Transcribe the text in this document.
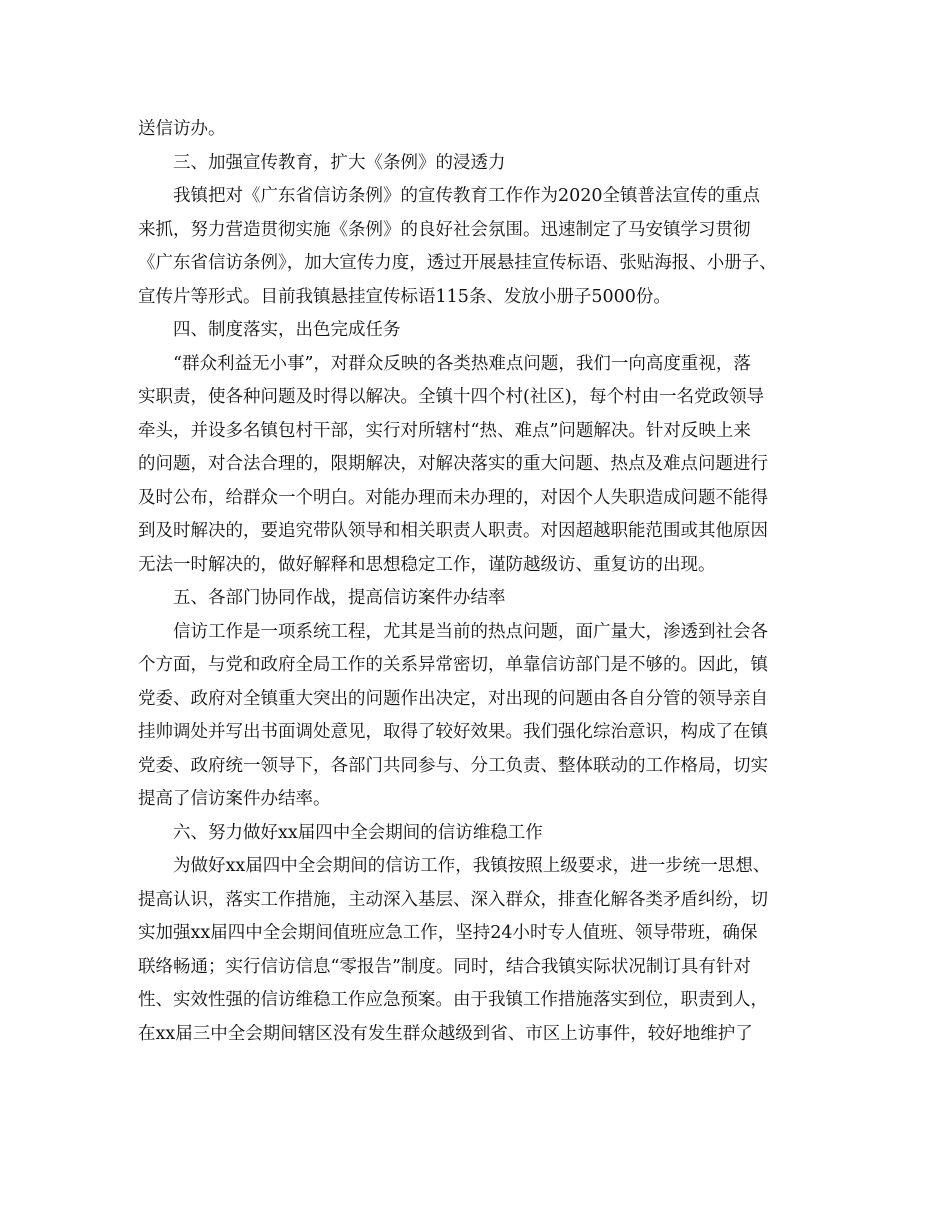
送信访办。
三、加强宣传教育，扩大《条例》的浸透力
我镇把对《广东省信访条例》的宣传教育工作作为2020全镇普法宣传的重点
来抓，努力营造贯彻实施《条例》的良好社会氛围。迅速制定了马安镇学习贯彻
《广东省信访条例》，加大宣传力度，透过开展悬挂宣传标语、张贴海报、小册子、
宣传片等形式。目前我镇悬挂宣传标语115条、发放小册子5000份。
四、制度落实，出色完成任务
“群众利益无小事”，对群众反映的各类热难点问题，我们一向高度重视，落
实职责，使各种问题及时得以解决。全镇十四个村(社区)，每个村由一名党政领导
牵头，并设多名镇包村干部，实行对所辖村“热、难点”问题解决。针对反映上来
的问题，对合法合理的，限期解决，对解决落实的重大问题、热点及难点问题进行
及时公布，给群众一个明白。对能办理而未办理的，对因个人失职造成问题不能得
到及时解决的，要追究带队领导和相关职责人职责。对因超越职能范围或其他原因
无法一时解决的，做好解释和思想稳定工作，谨防越级访、重复访的出现。
五、各部门协同作战，提高信访案件办结率
信访工作是一项系统工程，尤其是当前的热点问题，面广量大，渗透到社会各
个方面，与党和政府全局工作的关系异常密切，单靠信访部门是不够的。因此，镇
党委、政府对全镇重大突出的问题作出决定，对出现的问题由各自分管的领导亲自
挂帅调处并写出书面调处意见，取得了较好效果。我们强化综治意识，构成了在镇
党委、政府统一领导下，各部门共同参与、分工负责、整体联动的工作格局，切实
提高了信访案件办结率。
六、努力做好xx届四中全会期间的信访维稳工作
为做好xx届四中全会期间的信访工作，我镇按照上级要求，进一步统一思想、
提高认识，落实工作措施，主动深入基层、深入群众，排查化解各类矛盾纠纷，切
实加强xx届四中全会期间值班应急工作，坚持24小时专人值班、领导带班，确保
联络畅通；实行信访信息“零报告”制度。同时，结合我镇实际状况制订具有针对
性、实效性强的信访维稳工作应急预案。由于我镇工作措施落实到位，职责到人，
在xx届三中全会期间辖区没有发生群众越级到省、市区上访事件，较好地维护了
